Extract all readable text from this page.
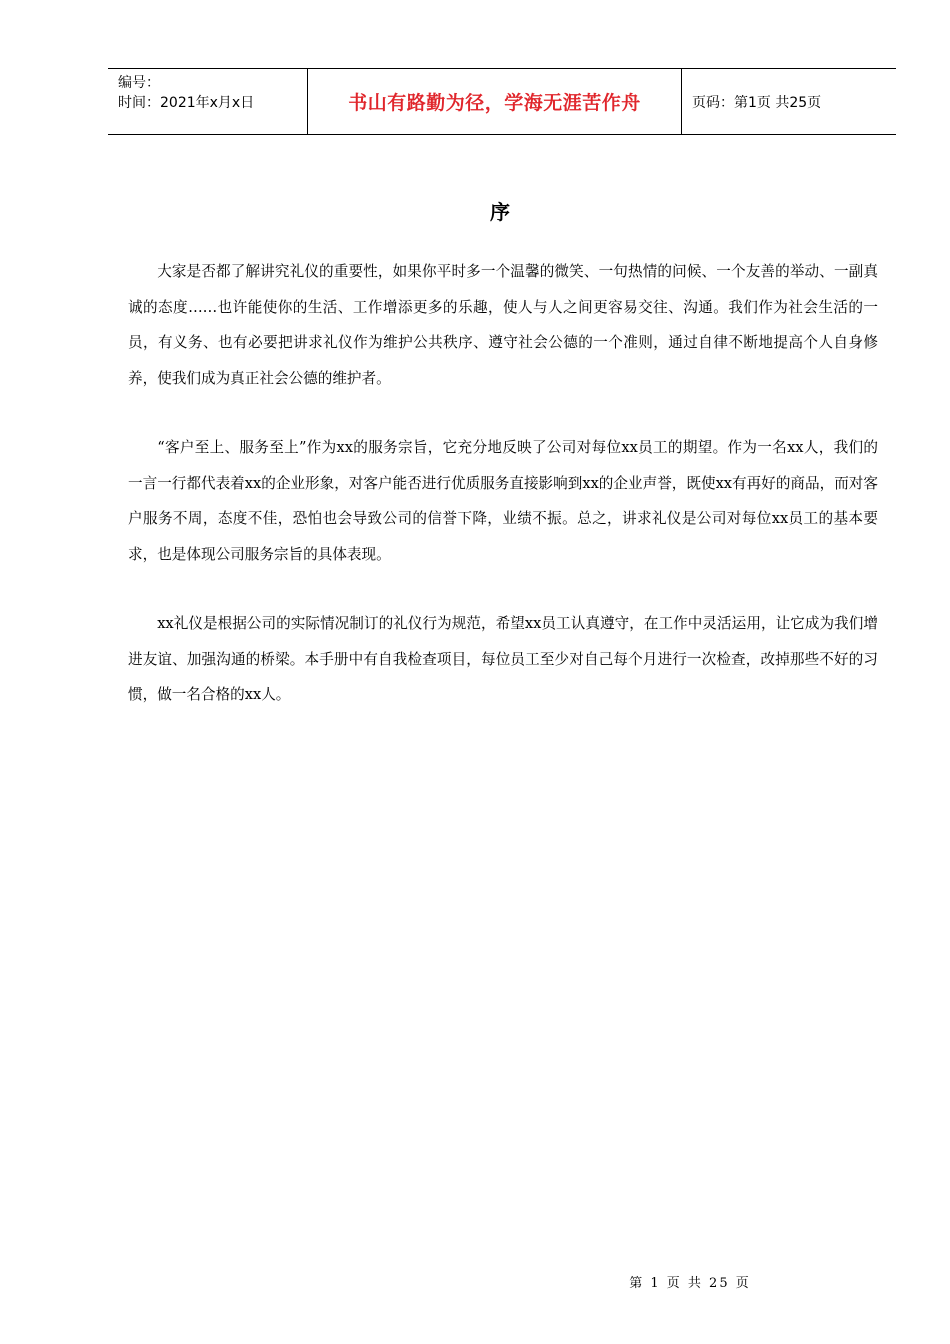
编号：
时间：2021年x月x日	书山有路勤为径，学海无涯苦作舟	页码：第1页 共25页
序

大家是否都了解讲究礼仪的重要性，如果你平时多一个温馨的微笑、一句热情的问候、一个友善的举动、一副真诚的态度……也许能使你的生活、工作增添更多的乐趣，使人与人之间更容易交往、沟通。我们作为社会生活的一员，有义务、也有必要把讲求礼仪作为维护公共秩序、遵守社会公德的一个准则，通过自律不断地提高个人自身修养，使我们成为真正社会公德的维护者。

“客户至上、服务至上”作为xx的服务宗旨，它充分地反映了公司对每位xx员工的期望。作为一名xx人，我们的一言一行都代表着xx的企业形象，对客户能否进行优质服务直接影响到xx的企业声誉，既使xx有再好的商品，而对客户服务不周，态度不佳，恐怕也会导致公司的信誉下降，业绩不振。总之，讲求礼仪是公司对每位xx员工的基本要求，也是体现公司服务宗旨的具体表现。

xx礼仪是根据公司的实际情况制订的礼仪行为规范，希望xx员工认真遵守，在工作中灵活运用，让它成为我们增进友谊、加强沟通的桥梁。本手册中有自我检查项目，每位员工至少对自己每个月进行一次检查，改掉那些不好的习惯，做一名合格的xx人。

第 1 页 共 25 页
